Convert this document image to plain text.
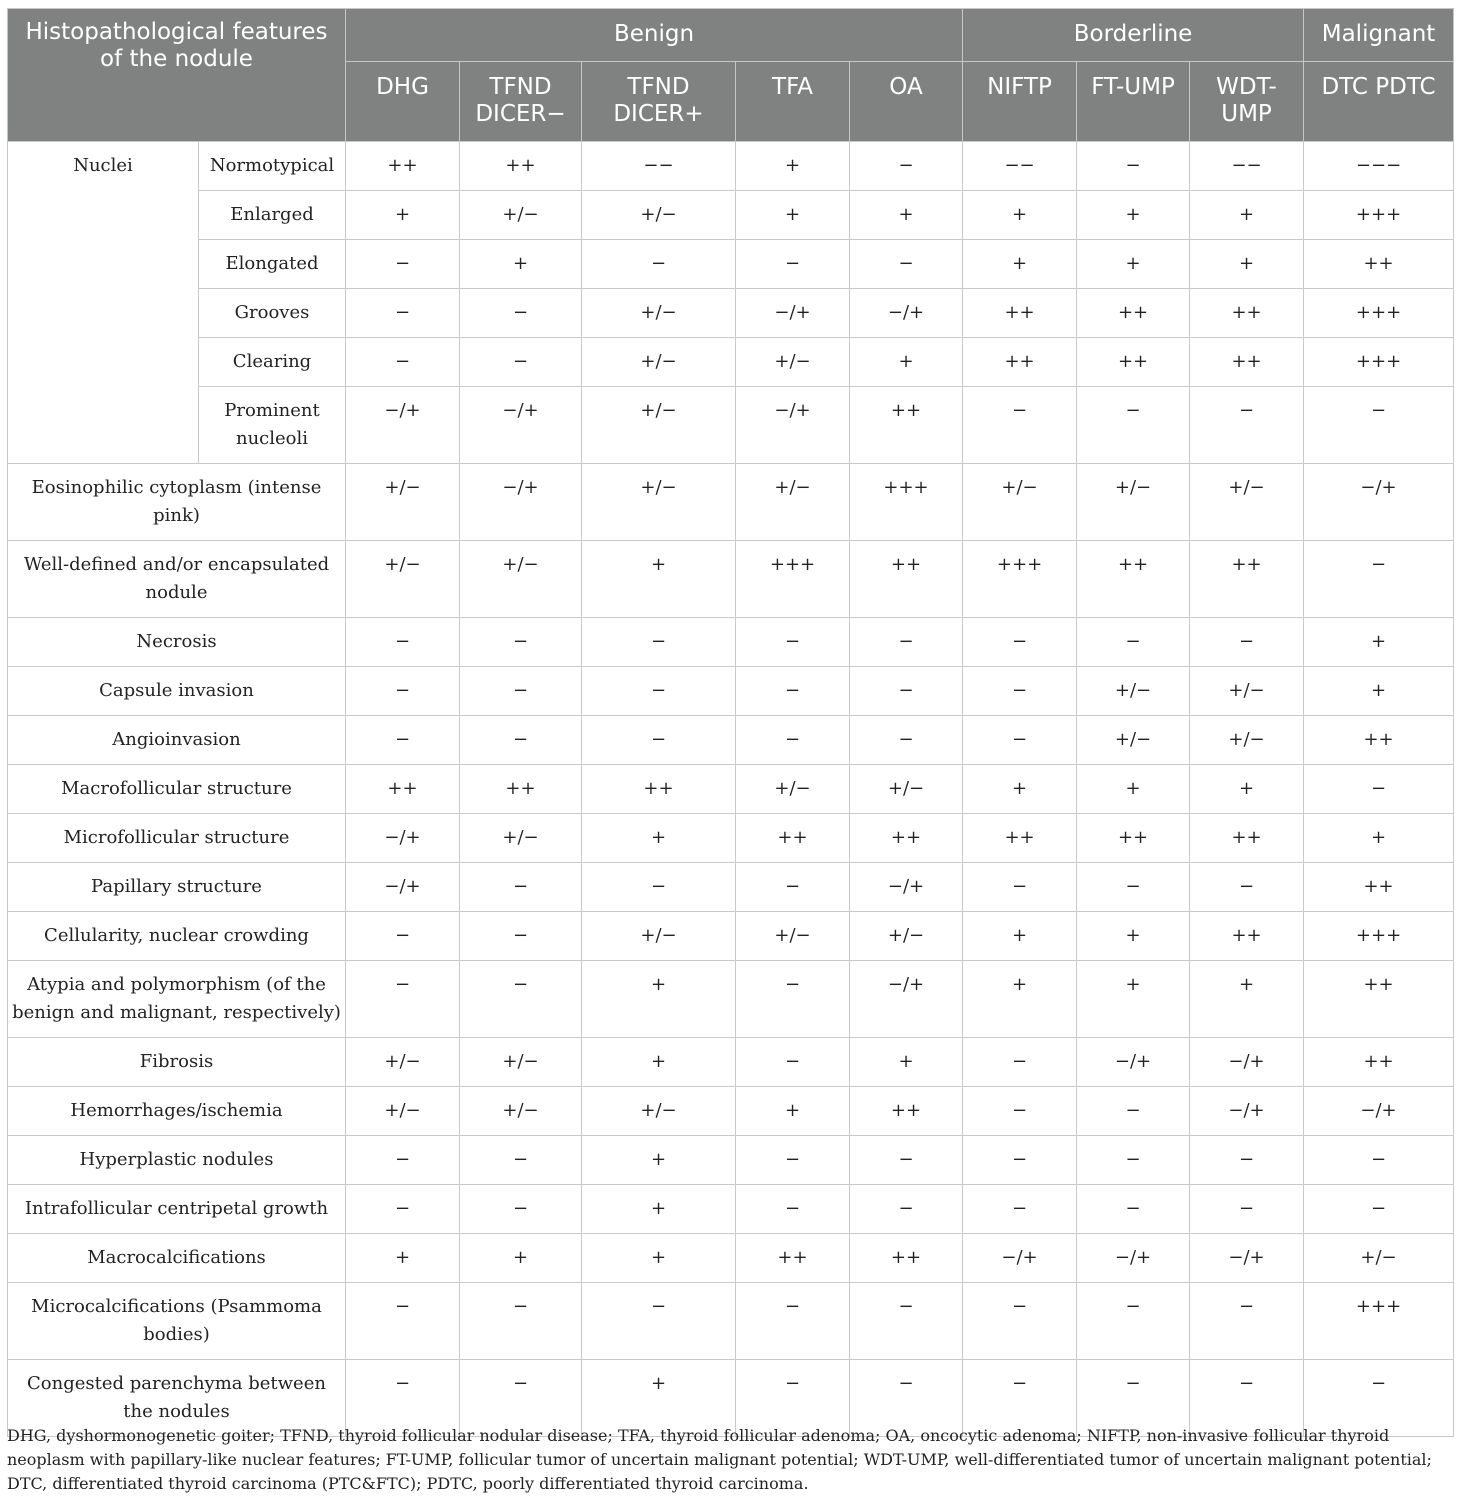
Histopathological features of the nodule		Benign					Borderline			Malignant
		DHG	TFND DICER−	TFND DICER+	TFA	OA	NIFTP	FT-UMP	WDT-UMP	DTC PDTC
Nuclei	Normotypical	++	++	−−	+	−	−−	−	−−	−−−
	Enlarged	+	+/−	+/−	+	+	+	+	+	+++
	Elongated	−	+	−	−	−	+	+	+	++
	Grooves	−	−	+/−	−/+	−/+	++	++	++	+++
	Clearing	−	−	+/−	+/−	+	++	++	++	+++
	Prominent nucleoli	−/+	−/+	+/−	−/+	++	−	−	−	−
Eosinophilic cytoplasm (intense pink)		+/−	−/+	+/−	+/−	+++	+/−	+/−	+/−	−/+
Well-defined and/or encapsulated nodule		+/−	+/−	+	+++	++	+++	++	++	−
Necrosis		−	−	−	−	−	−	−	−	+
Capsule invasion		−	−	−	−	−	−	+/−	+/−	+
Angioinvasion		−	−	−	−	−	−	+/−	+/−	++
Macrofollicular structure		++	++	++	+/−	+/−	+	+	+	−
Microfollicular structure		−/+	+/−	+	++	++	++	++	++	+
Papillary structure		−/+	−	−	−	−/+	−	−	−	++
Cellularity, nuclear crowding		−	−	+/−	+/−	+/−	+	+	++	+++
Atypia and polymorphism (of the benign and malignant, respectively)		−	−	+	−	−/+	+	+	+	++
Fibrosis		+/−	+/−	+	−	+	−	−/+	−/+	++
Hemorrhages/ischemia		+/−	+/−	+/−	+	++	−	−	−/+	−/+
Hyperplastic nodules		−	−	+	−	−	−	−	−	−
Intrafollicular centripetal growth		−	−	+	−	−	−	−	−	−
Macrocalcifications		+	+	+	++	++	−/+	−/+	−/+	+/−
Microcalcifications (Psammoma bodies)		−	−	−	−	−	−	−	−	+++
Congested parenchyma between the nodules		−	−	+	−	−	−	−	−	−
DHG, dyshormonogenetic goiter; TFND, thyroid follicular nodular disease; TFA, thyroid follicular adenoma; OA, oncocytic adenoma; NIFTP, non-invasive follicular thyroid neoplasm with papillary-like nuclear features; FT-UMP, follicular tumor of uncertain malignant potential; WDT-UMP, well-differentiated tumor of uncertain malignant potential; DTC, differentiated thyroid carcinoma (PTC&FTC); PDTC, poorly differentiated thyroid carcinoma.
